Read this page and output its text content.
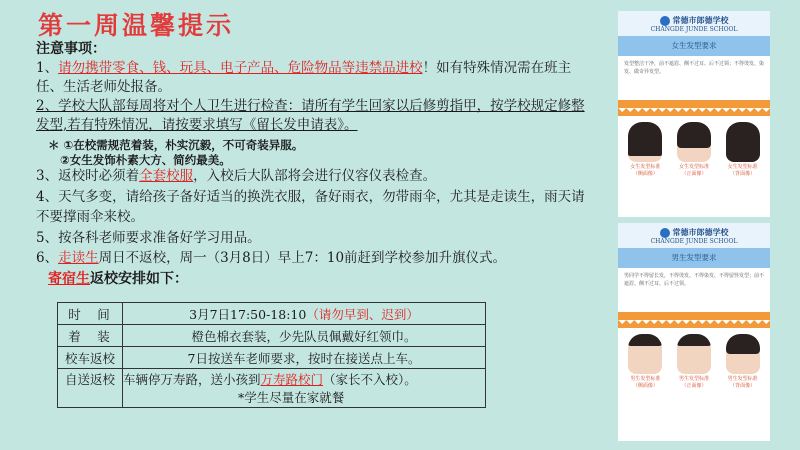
第一周温馨提示
注意事项：
1、请勿携带零食、钱、玩具、电子产品、危险物品等违禁品进校！如有特殊情况需在班主任、生活老师处报备。
2、学校大队部每周将对个人卫生进行检查：请所有学生回家以后修剪指甲，按学校规定修整发型,若有特殊情况，请按要求填写《留长发申请表》。
＊ ①在校需规范着装，朴实沉毅，不可奇装异服。
②女生发饰朴素大方、简约最美。
3、返校时必须着全套校服，入校后大队部将会进行仪容仪表检查。
4、天气多变，请给孩子备好适当的换洗衣服，备好雨衣，勿带雨伞，尤其是走读生，雨天请不要撑雨伞来校。
5、按各科老师要求准备好学习用品。
6、走读生周日不返校，周一（3月8日）早上7：10前赶到学校参加升旗仪式。
寄宿生返校安排如下：
时　间	3月7日17:50-18:10（请勿早到、迟到）
着　装	橙色棉衣套装，少先队员佩戴好红领巾。
校车返校	7日按送车老师要求，按时在接送点上车。
自送返校	车辆停万寿路，送小孩到万寿路校门（家长不入校）。
*学生尽量在家就餐
常德市郎德学校
CHANGDE JUNDE SCHOOL
女生发型要求
发型整洁干净，前不遮眉、侧不过耳、后不过领；不得烫发、染发、做奇异发型。
女生发型标准（侧面像）
女生发型标准（正面像）
女生发型标准（背面像）
常德市郎德学校
CHANGDE JUNDE SCHOOL
男生发型要求
男同学不得留长发，不得烫发、不得染发、不得留怪发型；前不遮眉、侧不过耳、后不过领。
男生发型标准（侧面像）
男生发型标准（正面像）
男生发型标准（背面像）
